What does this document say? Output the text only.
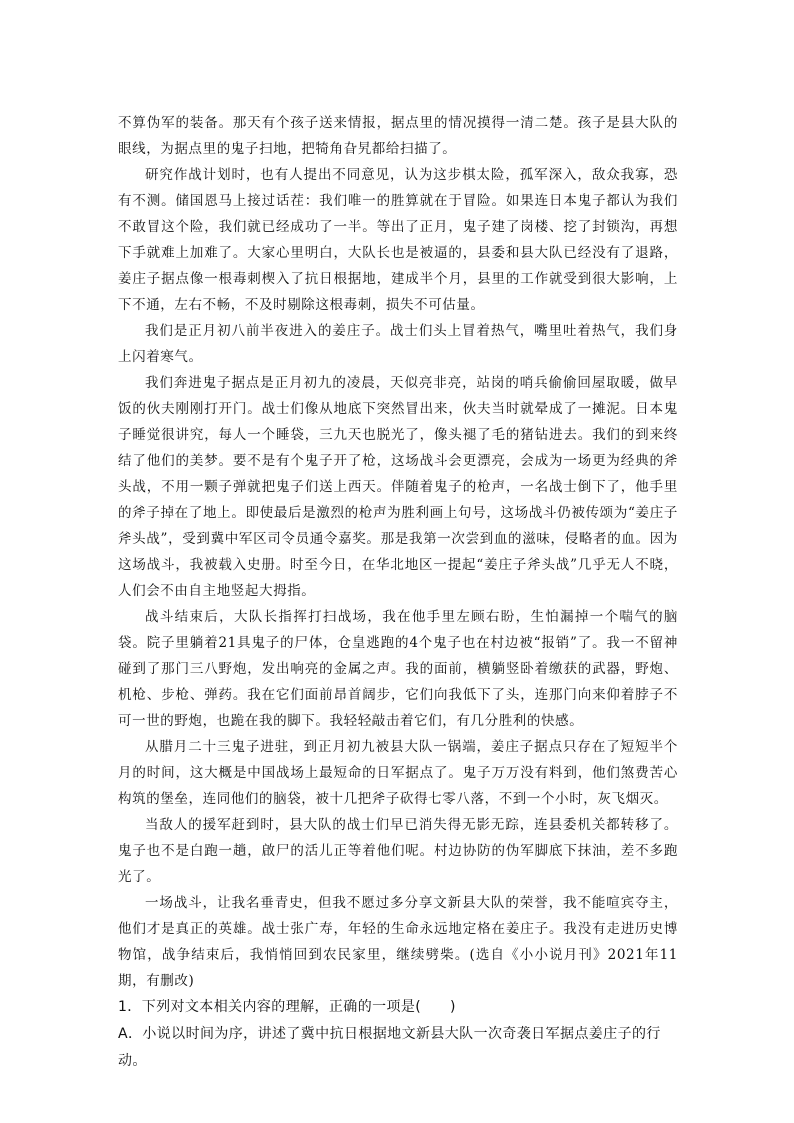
不算伪军的装备。那天有个孩子送来情报，据点里的情况摸得一清二楚。孩子是县大队的眼线，为据点里的鬼子扫地，把犄角旮旯都给扫描了。

研究作战计划时，也有人提出不同意见，认为这步棋太险，孤军深入，敌众我寡，恐有不测。储国恩马上接过话茬：我们唯一的胜算就在于冒险。如果连日本鬼子都认为我们不敢冒这个险，我们就已经成功了一半。等出了正月，鬼子建了岗楼、挖了封锁沟，再想下手就难上加难了。大家心里明白，大队长也是被逼的，县委和县大队已经没有了退路，姜庄子据点像一根毒刺楔入了抗日根据地，建成半个月，县里的工作就受到很大影响，上下不通，左右不畅，不及时剔除这根毒刺，损失不可估量。

我们是正月初八前半夜进入的姜庄子。战士们头上冒着热气，嘴里吐着热气，我们身上闪着寒气。

我们奔进鬼子据点是正月初九的凌晨，天似亮非亮，站岗的哨兵偷偷回屋取暖，做早饭的伙夫刚刚打开门。战士们像从地底下突然冒出来，伙夫当时就晕成了一摊泥。日本鬼子睡觉很讲究，每人一个睡袋，三九天也脱光了，像头褪了毛的猪钻进去。我们的到来终结了他们的美梦。要不是有个鬼子开了枪，这场战斗会更漂亮，会成为一场更为经典的斧头战，不用一颗子弹就把鬼子们送上西天。伴随着鬼子的枪声，一名战士倒下了，他手里的斧子掉在了地上。即使最后是激烈的枪声为胜利画上句号，这场战斗仍被传颂为“姜庄子斧头战”，受到冀中军区司令员通令嘉奖。那是我第一次尝到血的滋味，侵略者的血。因为这场战斗，我被载入史册。时至今日，在华北地区一提起“姜庄子斧头战”几乎无人不晓，人们会不由自主地竖起大拇指。

战斗结束后，大队长指挥打扫战场，我在他手里左顾右盼，生怕漏掉一个喘气的脑袋。院子里躺着21具鬼子的尸体，仓皇逃跑的4个鬼子也在村边被“报销”了。我一不留神碰到了那门三八野炮，发出响亮的金属之声。我的面前，横躺竖卧着缴获的武器，野炮、机枪、步枪、弹药。我在它们面前昂首阔步，它们向我低下了头，连那门向来仰着脖子不可一世的野炮，也跪在我的脚下。我轻轻敲击着它们，有几分胜利的快感。

从腊月二十三鬼子进驻，到正月初九被县大队一锅端，姜庄子据点只存在了短短半个月的时间，这大概是中国战场上最短命的日军据点了。鬼子万万没有料到，他们煞费苦心构筑的堡垒，连同他们的脑袋，被十几把斧子砍得七零八落，不到一个小时，灰飞烟灭。

当敌人的援军赶到时，县大队的战士们早已消失得无影无踪，连县委机关都转移了。鬼子也不是白跑一趟，啟尸的活儿正等着他们呢。村边协防的伪军脚底下抹油，差不多跑光了。

一场战斗，让我名垂青史，但我不愿过多分享文新县大队的荣誉，我不能喧宾夺主，他们才是真正的英雄。战士张广寿，年轻的生命永远地定格在姜庄子。我没有走进历史博物馆，战争结束后，我悄悄回到农民家里，继续劈柴。(选自《小小说月刊》2021年11期，有删改)

1．下列对文本相关内容的理解，正确的一项是(　　)

A．小说以时间为序，讲述了冀中抗日根据地文新县大队一次奇袭日军据点姜庄子的行动。
